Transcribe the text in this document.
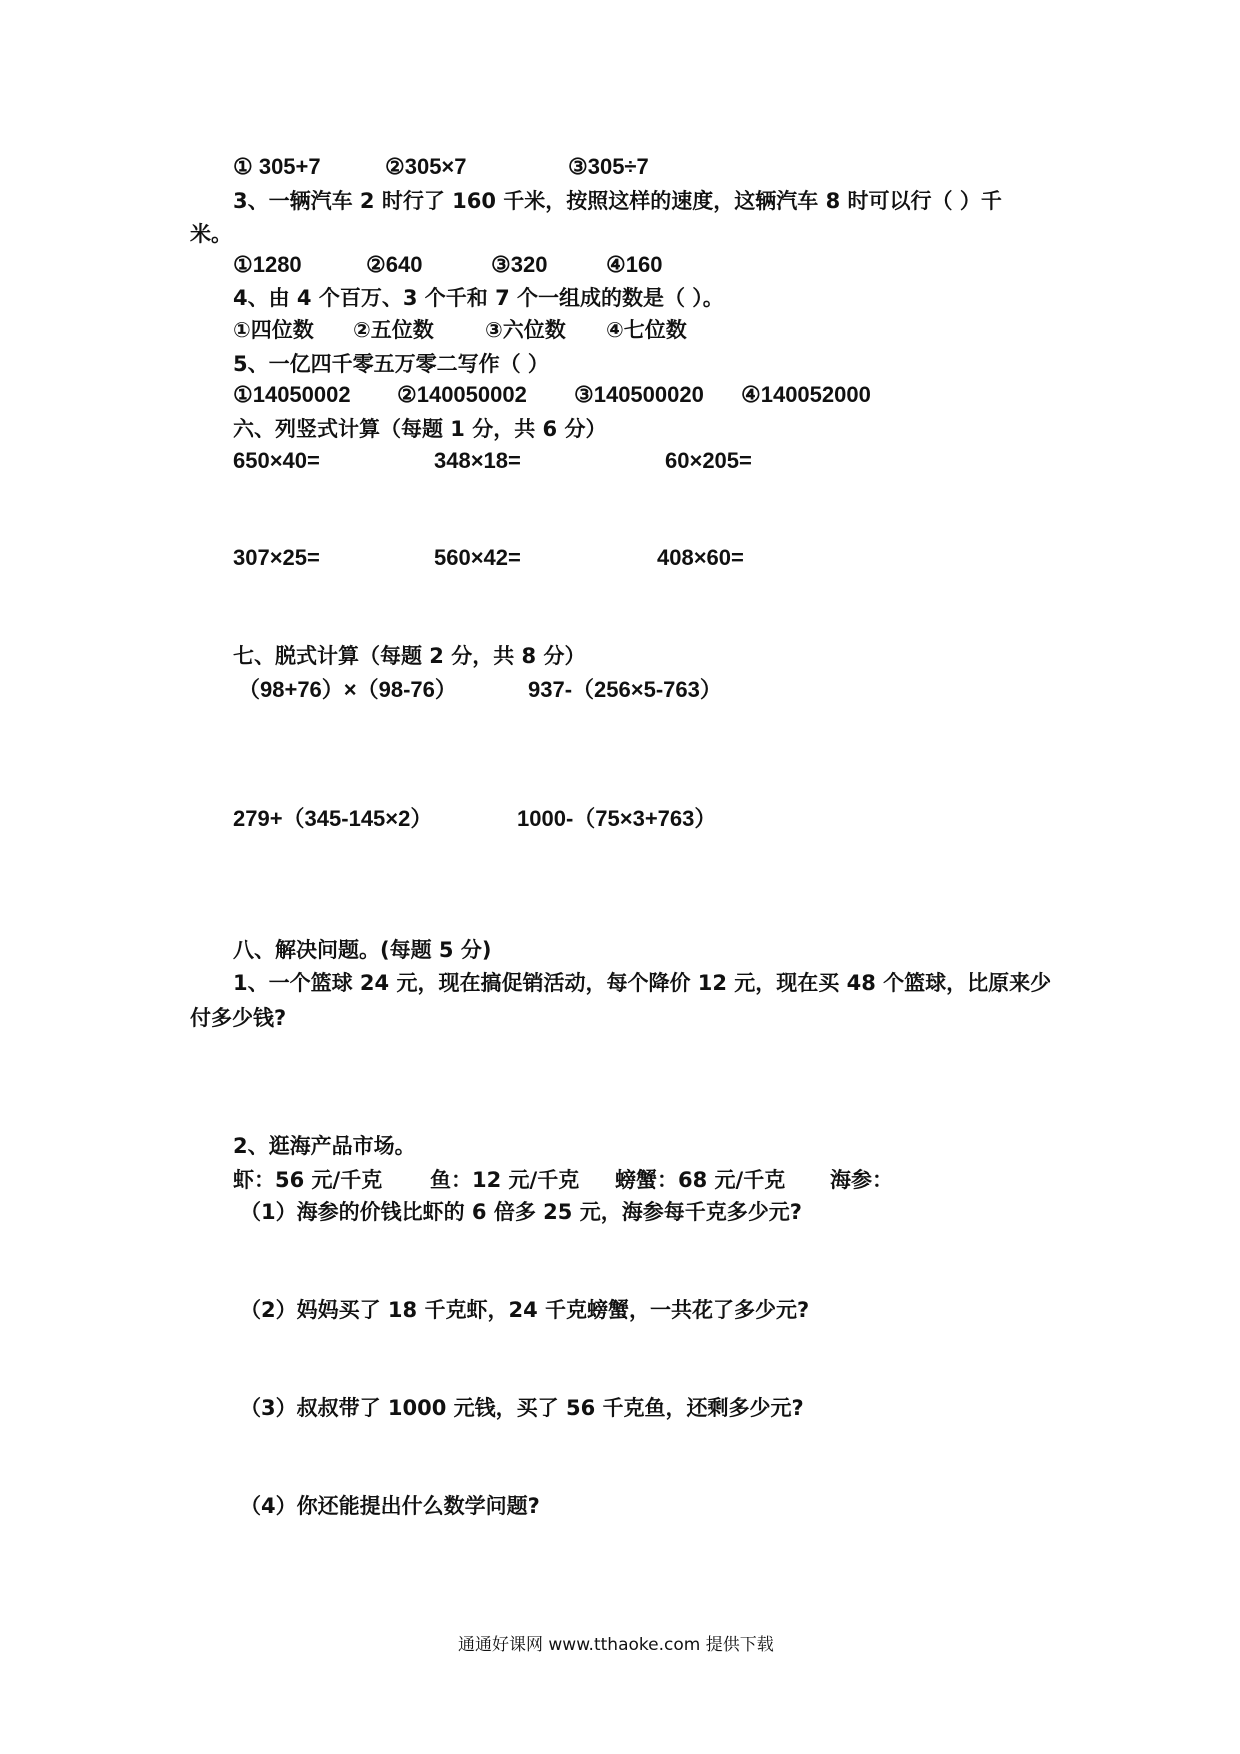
① 305+7	②305×7	③305÷7
3、一辆汽车 2 时行了 160 千米，按照这样的速度，这辆汽车 8 时可以行（ ）千
米。
①1280	②640	③320	④160
4、由 4 个百万、3 个千和 7 个一组成的数是（ ）。
①四位数 ②五位数 ③六位数 ④七位数
5、一亿四千零五万零二写作（ ）
①14050002 ②140050002 ③140500020 ④140052000
六、列竖式计算（每题 1 分，共 6 分）
650×40=	348×18=	60×205=
307×25=	560×42=	408×60=
七、脱式计算（每题 2 分，共 8 分）
（98+76）×（98-76）	937-（256×5-763）
279+（345-145×2）	1000-（75×3+763）
八、解决问题。(每题 5 分)
1、一个篮球 24 元，现在搞促销活动，每个降价 12 元，现在买 48 个篮球，比原来少
付多少钱?
2、逛海产品市场。
虾：56 元/千克 鱼：12 元/千克 螃蟹：68 元/千克 海参：
（1）海参的价钱比虾的 6 倍多 25 元，海参每千克多少元?
（2）妈妈买了 18 千克虾，24 千克螃蟹，一共花了多少元?
（3）叔叔带了 1000 元钱，买了 56 千克鱼，还剩多少元?
（4）你还能提出什么数学问题?
通通好课网 www.tthaoke.com 提供下载
